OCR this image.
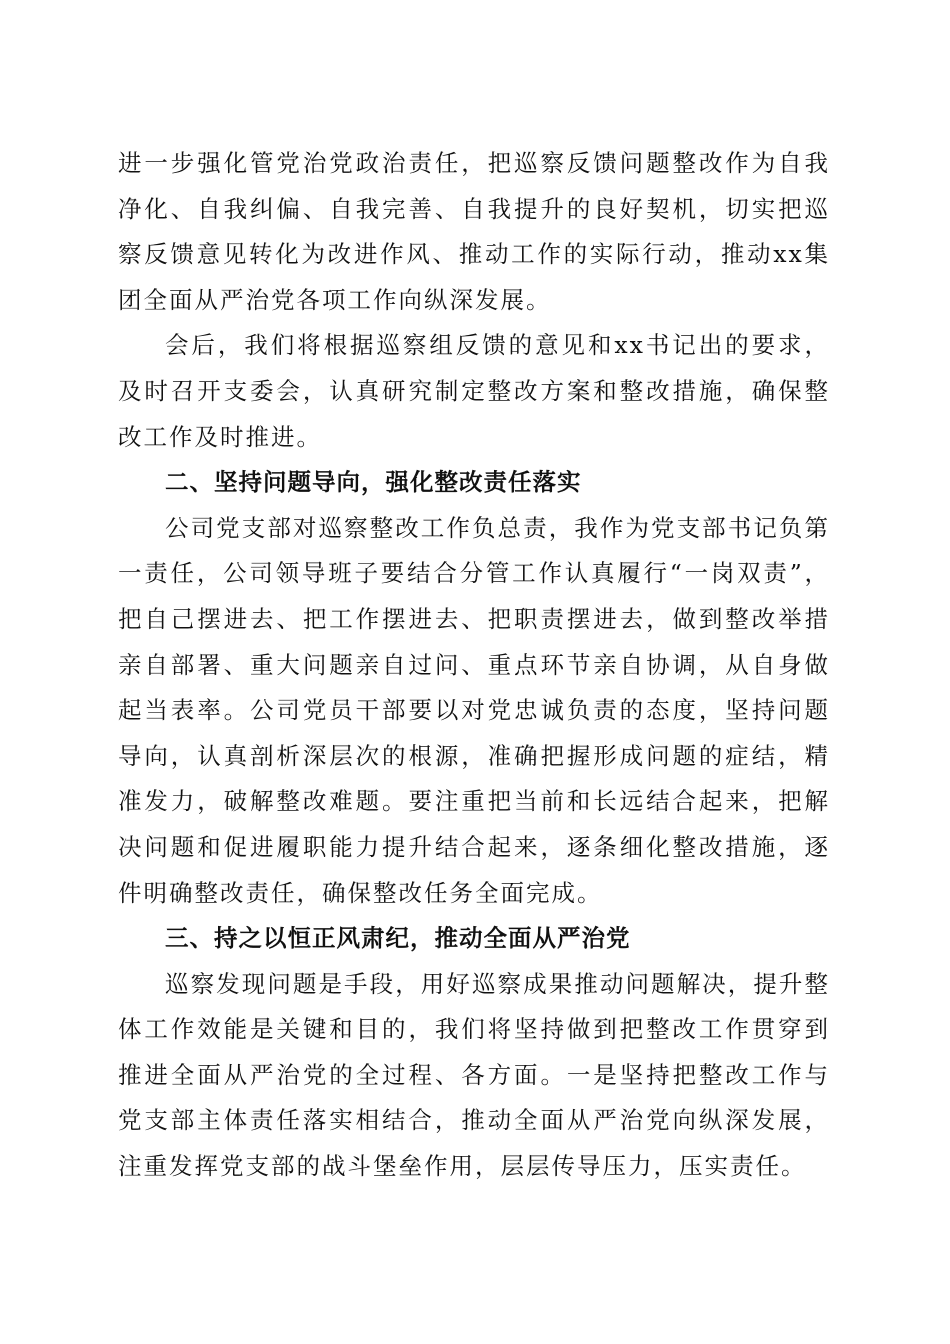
进一步强化管党治党政治责任，把巡察反馈问题整改作为自我净化、自我纠偏、自我完善、自我提升的良好契机，切实把巡察反馈意见转化为改进作风、推动工作的实际行动，推动xx集团全面从严治党各项工作向纵深发展。

会后，我们将根据巡察组反馈的意见和xx书记出的要求，及时召开支委会，认真研究制定整改方案和整改措施，确保整改工作及时推进。

二、坚持问题导向，强化整改责任落实

公司党支部对巡察整改工作负总责，我作为党支部书记负第一责任，公司领导班子要结合分管工作认真履行“一岗双责”，把自己摆进去、把工作摆进去、把职责摆进去，做到整改举措亲自部署、重大问题亲自过问、重点环节亲自协调，从自身做起当表率。公司党员干部要以对党忠诚负责的态度，坚持问题导向，认真剖析深层次的根源，准确把握形成问题的症结，精准发力，破解整改难题。要注重把当前和长远结合起来，把解决问题和促进履职能力提升结合起来，逐条细化整改措施，逐件明确整改责任，确保整改任务全面完成。

三、持之以恒正风肃纪，推动全面从严治党

巡察发现问题是手段，用好巡察成果推动问题解决，提升整体工作效能是关键和目的，我们将坚持做到把整改工作贯穿到推进全面从严治党的全过程、各方面。一是坚持把整改工作与党支部主体责任落实相结合，推动全面从严治党向纵深发展，注重发挥党支部的战斗堡垒作用，层层传导压力，压实责任。
